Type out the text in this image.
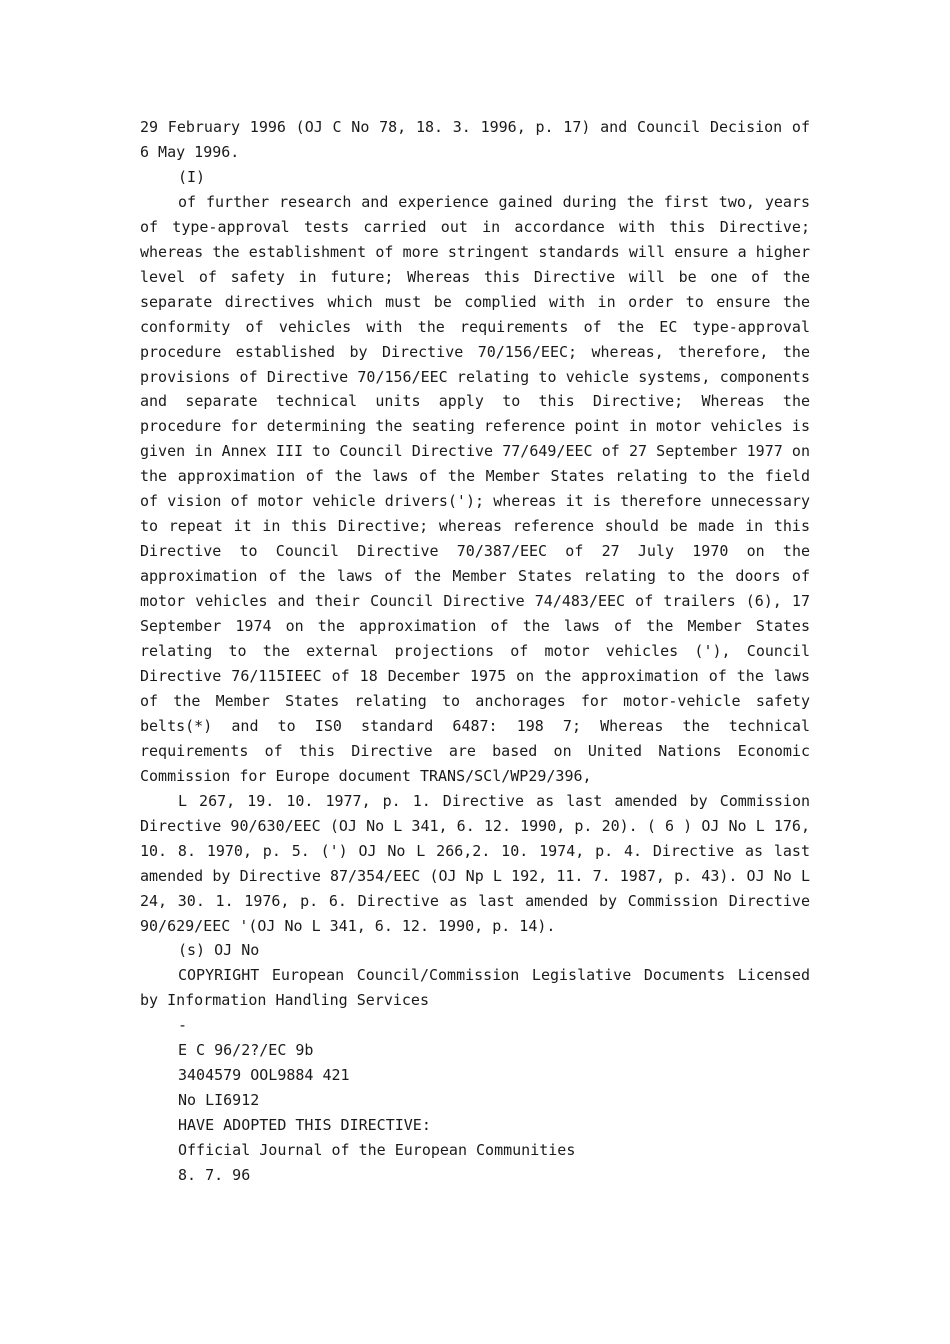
29 February 1996 (OJ C No 78, 18. 3. 1996, p. 17) and Council Decision of 6 May 1996.

(I)

of further research and experience gained during the first two, years of type-approval tests carried out in accordance with this Directive; whereas the establishment of more stringent standards will ensure a higher level of safety in future; Whereas this Directive will be one of the separate directives which must be complied with in order to ensure the conformity of vehicles with the requirements of the EC type-approval procedure established by Directive 70/156/EEC; whereas, therefore, the provisions of Directive 70/156/EEC relating to vehicle systems, components and separate technical units apply to this Directive; Whereas the procedure for determining the seating reference point in motor vehicles is given in Annex III to Council Directive 77/649/EEC of 27 September 1977 on the approximation of the laws of the Member States relating to the field of vision of motor vehicle drivers('); whereas it is therefore unnecessary to repeat it in this Directive; whereas reference should be made in this Directive to Council Directive 70/387/EEC of 27 July 1970 on the approximation of the laws of the Member States relating to the doors of motor vehicles and their Council Directive 74/483/EEC of trailers (6), 17 September 1974 on the approximation of the laws of the Member States relating to the external projections of motor vehicles ('), Council Directive 76/115IEEC of 18 December 1975 on the approximation of the laws of the Member States relating to anchorages for motor-vehicle safety belts(*) and to IS0 standard 6487: 198 7; Whereas the technical requirements of this Directive are based on United Nations Economic Commission for Europe document TRANS/SCl/WP29/396,

L 267, 19. 10. 1977, p. 1. Directive as last amended by Commission Directive 90/630/EEC (OJ No L 341, 6. 12. 1990, p. 20). ( 6 ) OJ No L 176, 10. 8. 1970, p. 5. (') OJ No L 266,2. 10. 1974, p. 4. Directive as last amended by Directive 87/354/EEC (OJ Np L 192, 11. 7. 1987, p. 43). OJ No L 24, 30. 1. 1976, p. 6. Directive as last amended by Commission Directive 90/629/EEC '(OJ No L 341, 6. 12. 1990, p. 14).

(s) OJ No

COPYRIGHT European Council/Commission Legislative Documents Licensed by Information Handling Services

-

E C 96/2?/EC 9b

3404579 OOL9884 421

No LI6912

HAVE ADOPTED THIS DIRECTIVE:

Official Journal of the European Communities

8. 7. 96
